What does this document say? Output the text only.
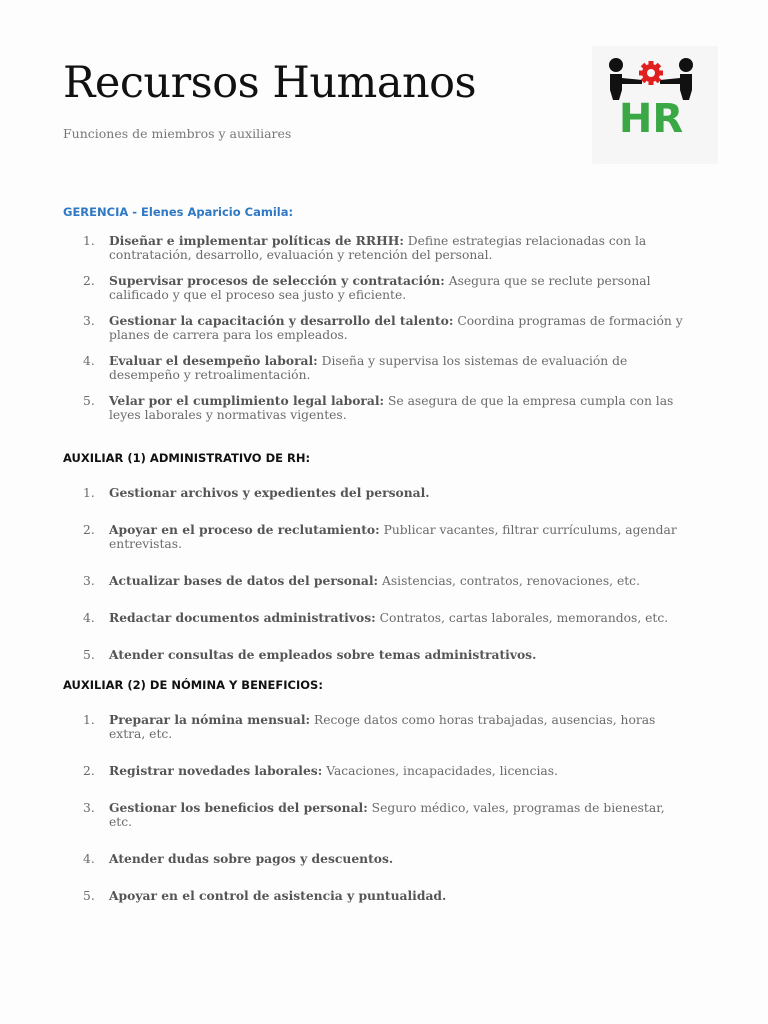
Recursos Humanos
Funciones de miembros y auxiliares	HR
GERENCIA - Elenes Aparicio Camila:
1. Diseñar e implementar políticas de RRHH: Define estrategias relacionadas con la contratación, desarrollo, evaluación y retención del personal.
2. Supervisar procesos de selección y contratación: Asegura que se reclute personal calificado y que el proceso sea justo y eficiente.
3. Gestionar la capacitación y desarrollo del talento: Coordina programas de formación y planes de carrera para los empleados.
4. Evaluar el desempeño laboral: Diseña y supervisa los sistemas de evaluación de desempeño y retroalimentación.
5. Velar por el cumplimiento legal laboral: Se asegura de que la empresa cumpla con las leyes laborales y normativas vigentes.
AUXILIAR (1) ADMINISTRATIVO DE RH:
1. Gestionar archivos y expedientes del personal.
2. Apoyar en el proceso de reclutamiento: Publicar vacantes, filtrar currículums, agendar entrevistas.
3. Actualizar bases de datos del personal: Asistencias, contratos, renovaciones, etc.
4. Redactar documentos administrativos: Contratos, cartas laborales, memorandos, etc.
5. Atender consultas de empleados sobre temas administrativos.
AUXILIAR (2) DE NÓMINA Y BENEFICIOS:
1. Preparar la nómina mensual: Recoge datos como horas trabajadas, ausencias, horas extra, etc.
2. Registrar novedades laborales: Vacaciones, incapacidades, licencias.
3. Gestionar los beneficios del personal: Seguro médico, vales, programas de bienestar, etc.
4. Atender dudas sobre pagos y descuentos.
5. Apoyar en el control de asistencia y puntualidad.
